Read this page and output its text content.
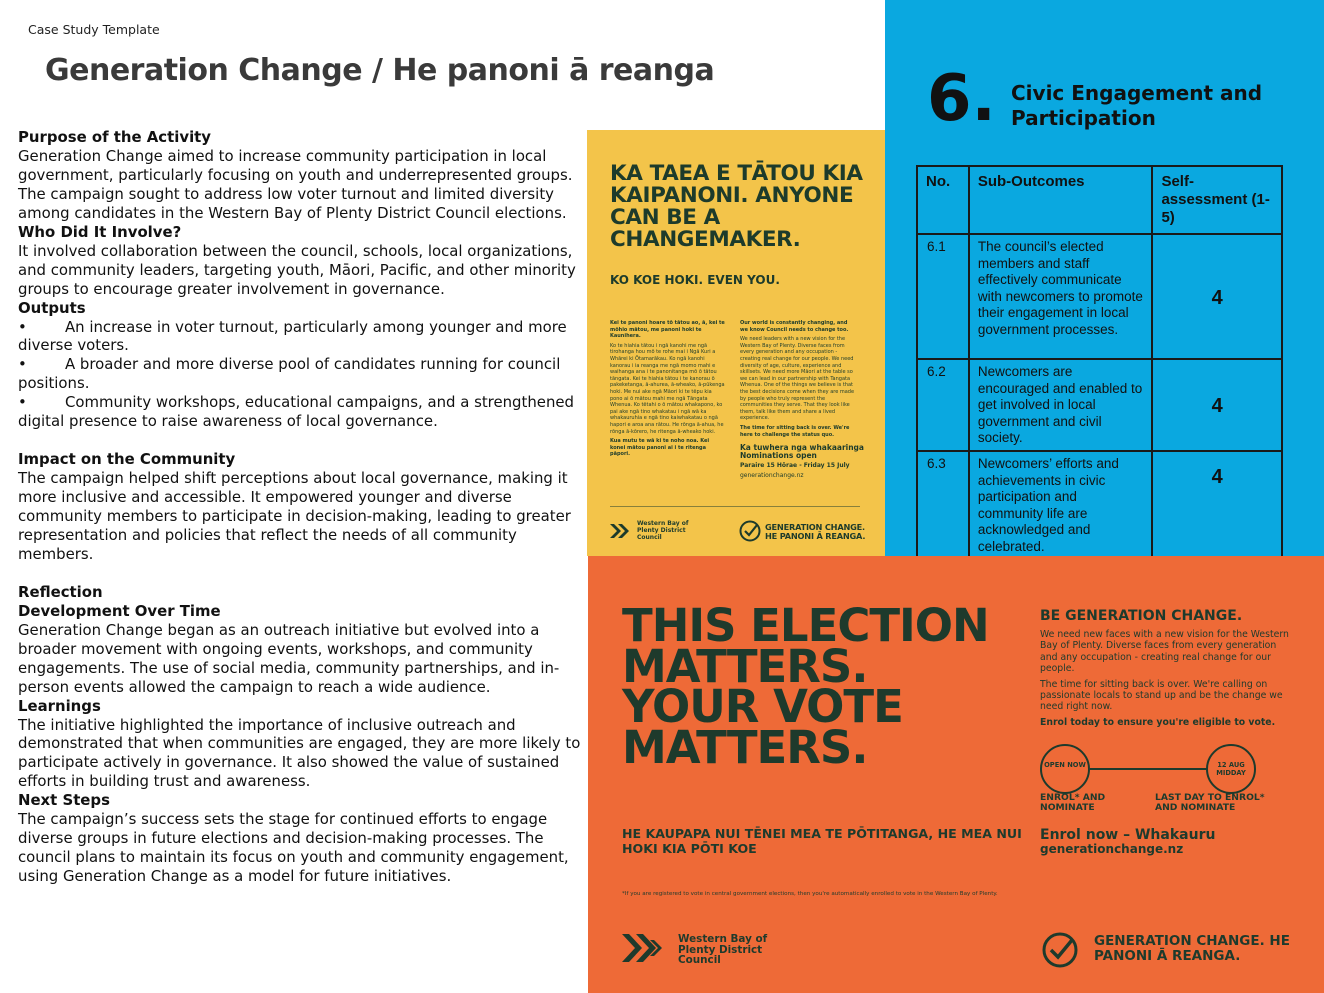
Case Study Template
Generation Change / He panoni ā reanga
Purpose of the Activity
Generation Change aimed to increase community participation in local government, particularly focusing on youth and underrepresented groups. The campaign sought to address low voter turnout and limited diversity among candidates in the Western Bay of Plenty District Council elections.
Who Did It Involve?
It involved collaboration between the council, schools, local organizations, and community leaders, targeting youth, Māori, Pacific, and other minority groups to encourage greater involvement in governance.
Outputs
•	An increase in voter turnout, particularly among younger and more diverse voters.
•	A broader and more diverse pool of candidates running for council positions.
•	Community workshops, educational campaigns, and a strengthened digital presence to raise awareness of local governance.
Impact on the Community
The campaign helped shift perceptions about local governance, making it more inclusive and accessible. It empowered younger and diverse community members to participate in decision-making, leading to greater representation and policies that reflect the needs of all community members.
Reflection
Development Over Time
Generation Change began as an outreach initiative but evolved into a broader movement with ongoing events, workshops, and community engagements. The use of social media, community partnerships, and in-person events allowed the campaign to reach a wide audience.
Learnings
The initiative highlighted the importance of inclusive outreach and demonstrated that when communities are engaged, they are more likely to participate actively in governance. It also showed the value of sustained efforts in building trust and awareness.
Next Steps
The campaign’s success sets the stage for continued efforts to engage diverse groups in future elections and decision-making processes. The council plans to maintain its focus on youth and community engagement, using Generation Change as a model for future initiatives.
6. Civic Engagement and Participation
No.	Sub-Outcomes	Self-assessment (1-5)
6.1	The council’s elected members and staff effectively communicate with newcomers to promote their engagement in local government processes.	4
6.2	Newcomers are encouraged and enabled to get involved in local government and civil society.	4
6.3	Newcomers’ efforts and achievements in civic participation and community life are acknowledged and celebrated.	4
KA TAEA E TĀTOU KIA KAIPANONI. ANYONE CAN BE A CHANGEMAKER.
KO KOE HOKI. EVEN YOU.
Kei te panoni hoare tō tātou ao, ā, kei te mōhio mātou, me panoni hoki te Kaunihera.
Ko te hiahia tātou i ngā kanohi me ngā tirohanga hou mō te rohe mai i Ngā Kuri a Whārei ki Ōtamarākau. Ko ngā kanohi kanorau i ia reanga me ngā momo mahi e waihanga ana i te panonitanga mō ō tātou tāngata. Kei te hiahia tātou i te kanorau ō pakeketanga, ā-ahurea, ā-wheako, ā-pūkenga hoki. Me nui ake ngā Māori ki te tēpu kia pono ai ō mātou mahi me ngā Tāngata Whenua. Ko tētahi o ō mātou whakapono, ko pai ake ngā tino whakatau i ngā wā ka whakauruhia e ngā tino kaiwhakatau o ngā hapori e aroa ana rātou. He rōnga ā-ahua, he rōnga ā-kōrero, he ritenga ā-wheako hoki.
Kua mutu te wā ki te noho noa. Kei konei mātou panoni ai i te ritenga pāpori.
Our world is constantly changing, and we know Council needs to change too.
We need leaders with a new vision for the Western Bay of Plenty. Diverse faces from every generation and any occupation - creating real change for our people. We need diversity of age, culture, experience and skillsets. We need more Māori at the table so we can lead in our partnership with Tangata Whenua. One of the things we believe is that the best decisions come when they are made by people who truly represent the communities they serve. That they look like them, talk like them and share a lived experience.
The time for sitting back is over. We're here to challenge the status quo.
Ka tuwhera nga whakaaringa Nominations open
Paraire 15 Hōrae - Friday 15 July
generationchange.nz
Western Bay of Plenty District Council
GENERATION CHANGE. HE PANONI Ā REANGA.
THIS ELECTION MATTERS. YOUR VOTE MATTERS.
HE KAUPAPA NUI TĒNEI MEA TE PŌTITANGA, HE MEA NUI HOKI KIA PŌTI KOE
BE GENERATION CHANGE.
We need new faces with a new vision for the Western Bay of Plenty. Diverse faces from every generation and any occupation - creating real change for our people.
The time for sitting back is over. We're calling on passionate locals to stand up and be the change we need right now.
Enrol today to ensure you're eligible to vote.
OPEN NOW	12 AUG MIDDAY
ENROL* AND NOMINATE
LAST DAY TO ENROL* AND NOMINATE
Enrol now – Whakauru
generationchange.nz
*If you are registered to vote in central government elections, then you're automatically enrolled to vote in the Western Bay of Plenty.
Western Bay of Plenty District Council
GENERATION CHANGE. HE PANONI Ā REANGA.
